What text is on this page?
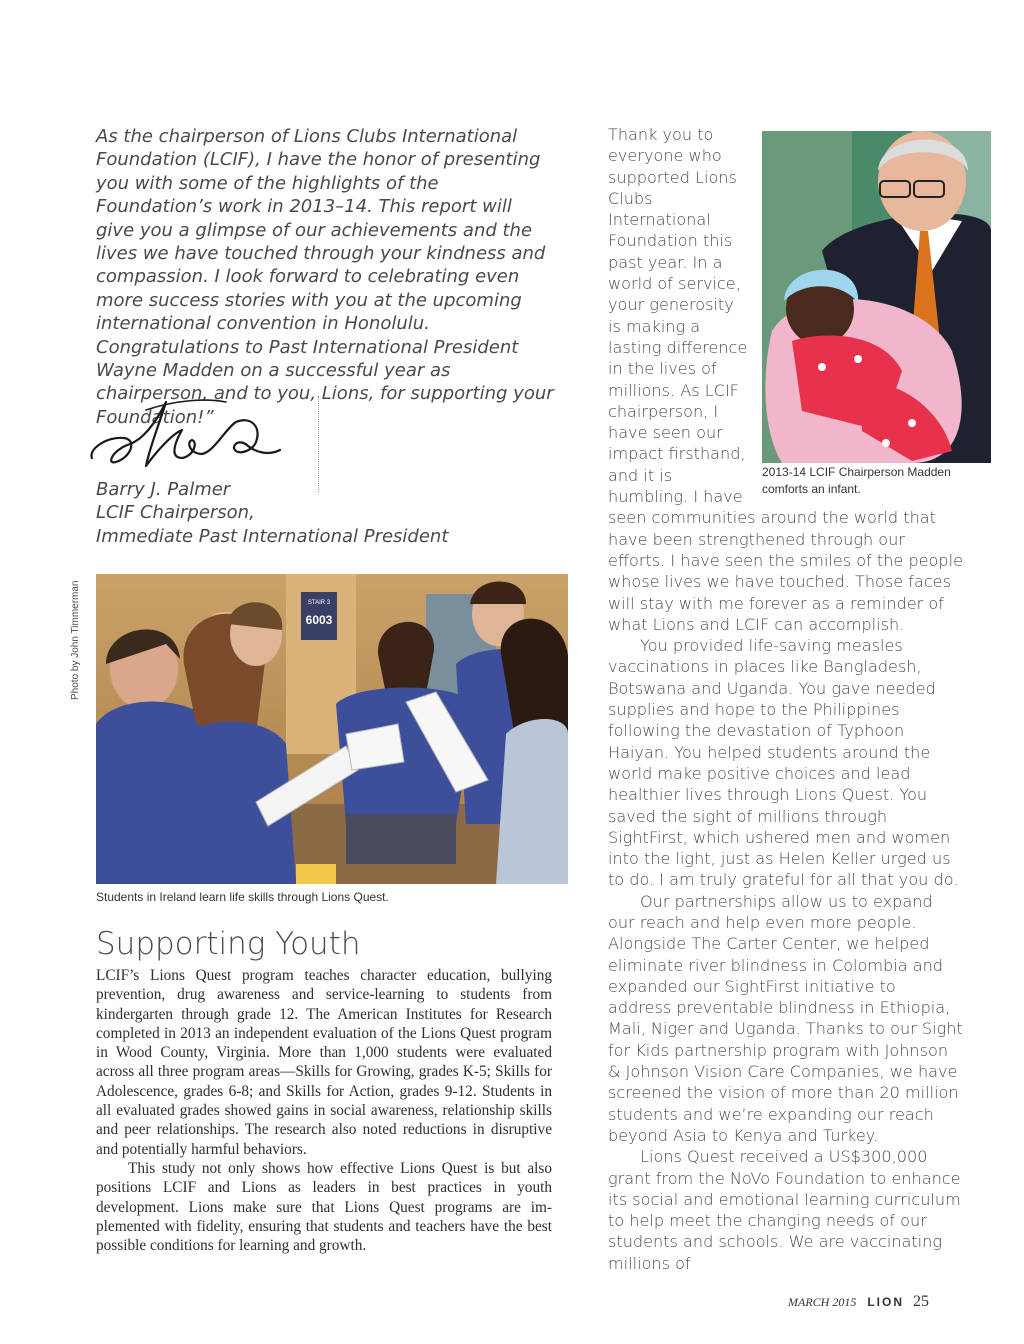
As the chairperson of Lions Clubs International Foundation (LCIF), I have the honor of presenting you with some of the highlights of the Foundation’s work in 2013–14. This report will give you a glimpse of our achievements and the lives we have touched through your kindness and compassion. I look forward to celebrating even more success stories with you at the upcoming international convention in Honolulu. Congratulations to Past International President Wayne Madden on a successful year as chairperson, and to you, Lions, for supporting your Foundation!”

Barry J. Palmer
LCIF Chairperson,
Immediate Past International President
Photo by John Timmerman	STAIR 3
6003
Students in Ireland learn life skills through Lions Quest.
2013-14 LCIF Chairperson Madden comforts an infant.
Supporting Youth

LCIF’s Lions Quest program teaches character education, bullying prevention, drug awareness and service-learning to students from kindergarten through grade 12. The American Institutes for Research completed in 2013 an independent evaluation of the Lions Quest program in Wood County, Virginia. More than 1,000 students were evaluated across all three program areas—Skills for Growing, grades K-5; Skills for Adolescence, grades 6-8; and Skills for Action, grades 9-12. Students in all evaluated grades showed gains in social awareness, relationship skills and peer relationships. The research also noted reductions in disruptive and potentially harmful behaviors.

This study not only shows how effective Lions Quest is but also positions LCIF and Lions as leaders in best practices in youth development. Lions make sure that Lions Quest programs are implemented with fidelity, ensuring that students and teachers have the best possible conditions for learning and growth.

Thank you to everyone who supported Lions Clubs International Foundation this past year. In a world of service, your generosity is making a lasting difference in the lives of millions. As LCIF chairperson, I have seen our impact firsthand, and it is humbling. I have seen communities around the world that have been strengthened through our efforts. I have seen the smiles of the people whose lives we have touched. Those faces will stay with me forever as a reminder of what Lions and LCIF can accomplish.

You provided life-saving measles vaccinations in places like Bangladesh, Botswana and Uganda. You gave needed supplies and hope to the Philippines following the devastation of Typhoon Haiyan. You helped students around the world make positive choices and lead healthier lives through Lions Quest. You saved the sight of millions through SightFirst, which ushered men and women into the light, just as Helen Keller urged us to do. I am truly grateful for all that you do.

Our partnerships allow us to expand our reach and help even more people. Alongside The Carter Center, we helped eliminate river blindness in Colombia and expanded our SightFirst initiative to address preventable blindness in Ethiopia, Mali, Niger and Uganda. Thanks to our Sight for Kids partnership program with Johnson & Johnson Vision Care Companies, we have screened the vision of more than 20 million students and we’re expanding our reach beyond Asia to Kenya and Turkey.

Lions Quest received a US$300,000 grant from the NoVo Foundation to enhance its social and emotional learning curriculum to help meet the changing needs of our students and schools. We are vaccinating millions of

MARCH 2015 LION 25
